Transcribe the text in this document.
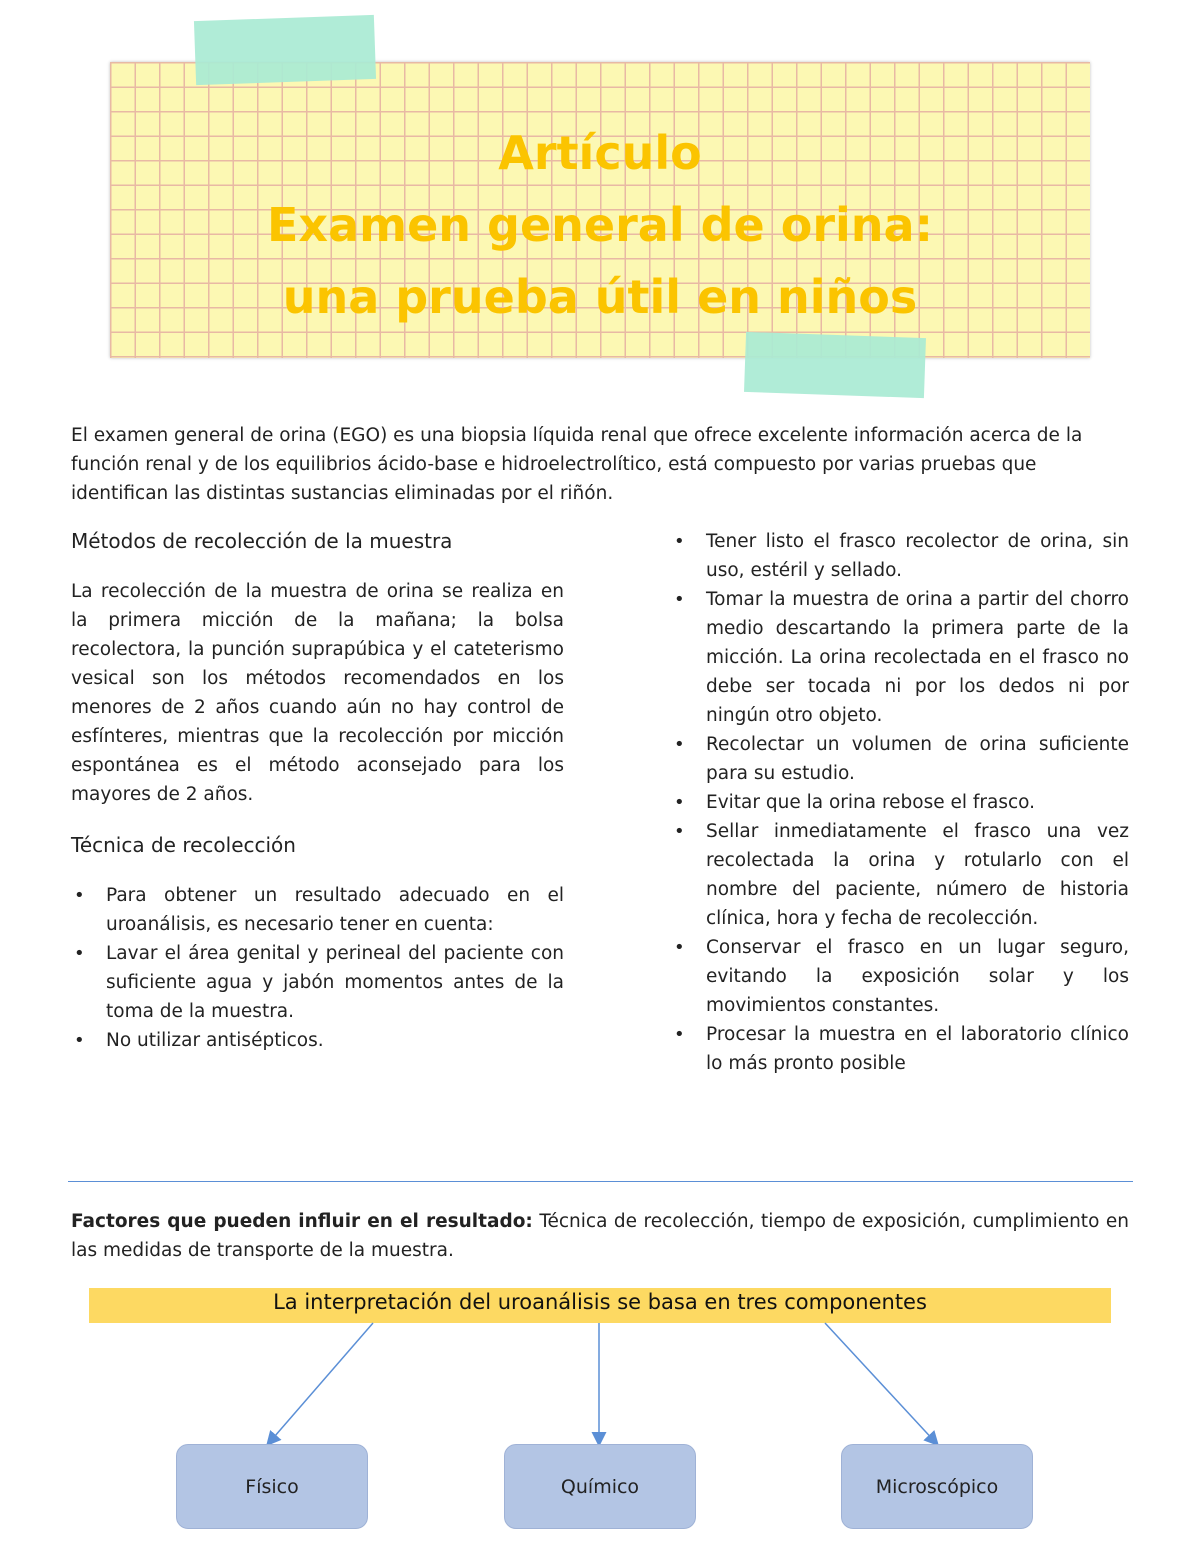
Artículo
Examen general de orina:
una prueba útil en niños

El examen general de orina (EGO) es una biopsia líquida renal que ofrece excelente información acerca de la función renal y de los equilibrios ácido-base e hidroelectrolítico, está compuesto por varias pruebas que identifican las distintas sustancias eliminadas por el riñón.

Métodos de recolección de la muestra

La recolección de la muestra de orina se realiza en la primera micción de la mañana; la bolsa recolectora, la punción suprapúbica y el cateterismo vesical son los métodos recomendados en los menores de 2 años cuando aún no hay control de esfínteres, mientras que la recolección por micción espontánea es el método aconsejado para los mayores de 2 años.

Técnica de recolección
•	Para obtener un resultado adecuado en el uroanálisis, es necesario tener en cuenta:
•	Lavar el área genital y perineal del paciente con suficiente agua y jabón momentos antes de la toma de la muestra.
•	No utilizar antisépticos.
•	Tener listo el frasco recolector de orina, sin uso, estéril y sellado.
•	Tomar la muestra de orina a partir del chorro medio descartando la primera parte de la micción. La orina recolectada en el frasco no debe ser tocada ni por los dedos ni por ningún otro objeto.
•	Recolectar un volumen de orina suficiente para su estudio.
•	Evitar que la orina rebose el frasco.
•	Sellar inmediatamente el frasco una vez recolectada la orina y rotularlo con el nombre del paciente, número de historia clínica, hora y fecha de recolección.
•	Conservar el frasco en un lugar seguro, evitando la exposición solar y los movimientos constantes.
•	Procesar la muestra en el laboratorio clínico lo más pronto posible

Factores que pueden influir en el resultado: Técnica de recolección, tiempo de exposición, cumplimiento en las medidas de transporte de la muestra.

La interpretación del uroanálisis se basa en tres componentes
Físico	Químico	Microscópico
